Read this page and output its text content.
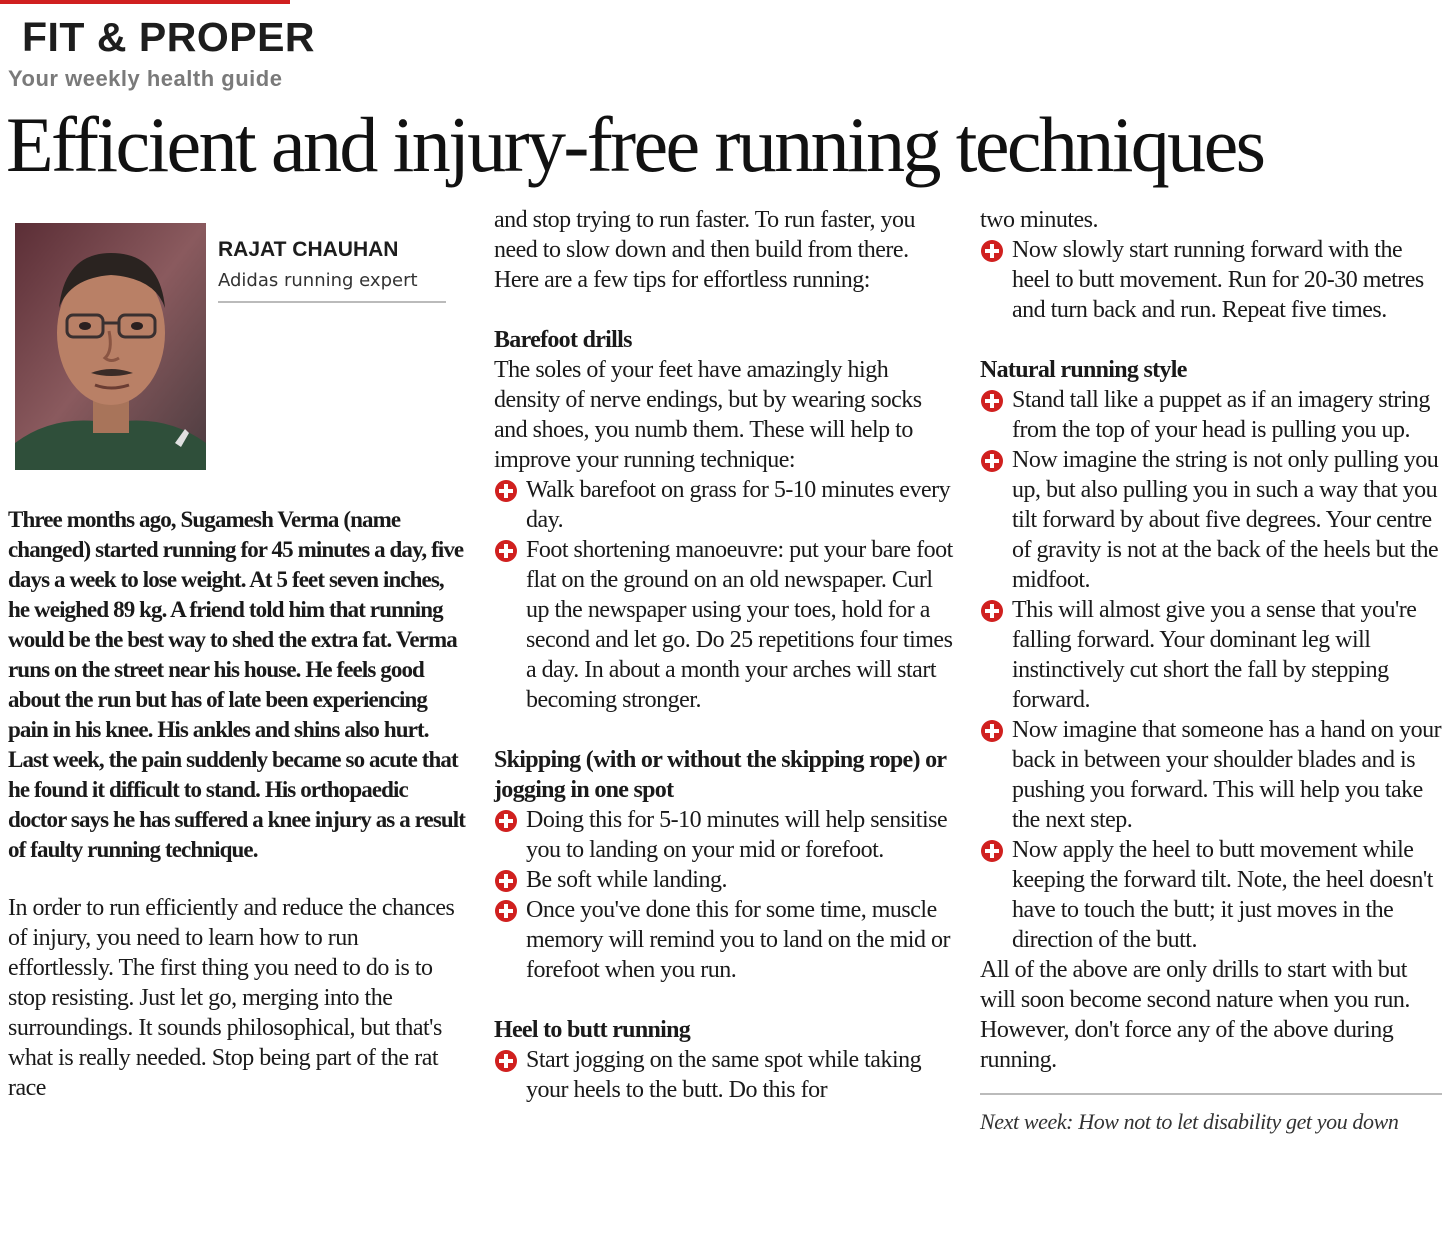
FIT & PROPER
Your weekly health guide
Efficient and injury-free running techniques
RAJAT CHAUHAN
Adidas running expert

Three months ago, Sugamesh Verma (name changed) started running for 45 minutes a day, five days a week to lose weight. At 5 feet seven inches, he weighed 89 kg. A friend told him that running would be the best way to shed the extra fat. Verma runs on the street near his house. He feels good about the run but has of late been experiencing pain in his knee. His ankles and shins also hurt. Last week, the pain suddenly became so acute that he found it difficult to stand. His orthopaedic doctor says he has suffered a knee injury as a result of faulty running technique.

In order to run efficiently and reduce the chances of injury, you need to learn how to run effortlessly. The first thing you need to do is to stop resisting. Just let go, merging into the surroundings. It sounds philosophical, but that's what is really needed. Stop being part of the rat race

and stop trying to run faster. To run faster, you need to slow down and then build from there.

Here are a few tips for effortless running:

Barefoot drills

The soles of your feet have amazingly high density of nerve endings, but by wearing socks and shoes, you numb them. These will help to improve your running technique:

Walk barefoot on grass for 5-10 minutes every day.
Foot shortening manoeuvre: put your bare foot flat on the ground on an old newspaper. Curl up the newspaper using your toes, hold for a second and let go. Do 25 repetitions four times a day. In about a month your arches will start becoming stronger.
Skipping (with or without the skipping rope) or jogging in one spot
Doing this for 5-10 minutes will help sensitise you to landing on your mid or forefoot.
Be soft while landing.
Once you've done this for some time, muscle memory will remind you to land on the mid or forefoot when you run.
Heel to butt running
Start jogging on the same spot while taking your heels to the butt. Do this for

two minutes.

Now slowly start running forward with the heel to butt movement. Run for 20-30 metres and turn back and run. Repeat five times.
Natural running style
Stand tall like a puppet as if an imagery string from the top of your head is pulling you up.
Now imagine the string is not only pulling you up, but also pulling you in such a way that you tilt forward by about five degrees. Your centre of gravity is not at the back of the heels but the midfoot.
This will almost give you a sense that you're falling forward. Your dominant leg will instinctively cut short the fall by stepping forward.
Now imagine that someone has a hand on your back in between your shoulder blades and is pushing you forward. This will help you take the next step.
Now apply the heel to butt movement while keeping the forward tilt. Note, the heel doesn't have to touch the butt; it just moves in the direction of the butt.

All of the above are only drills to start with but will soon become second nature when you run. However, don't force any of the above during running.

Next week: How not to let disability get you down
